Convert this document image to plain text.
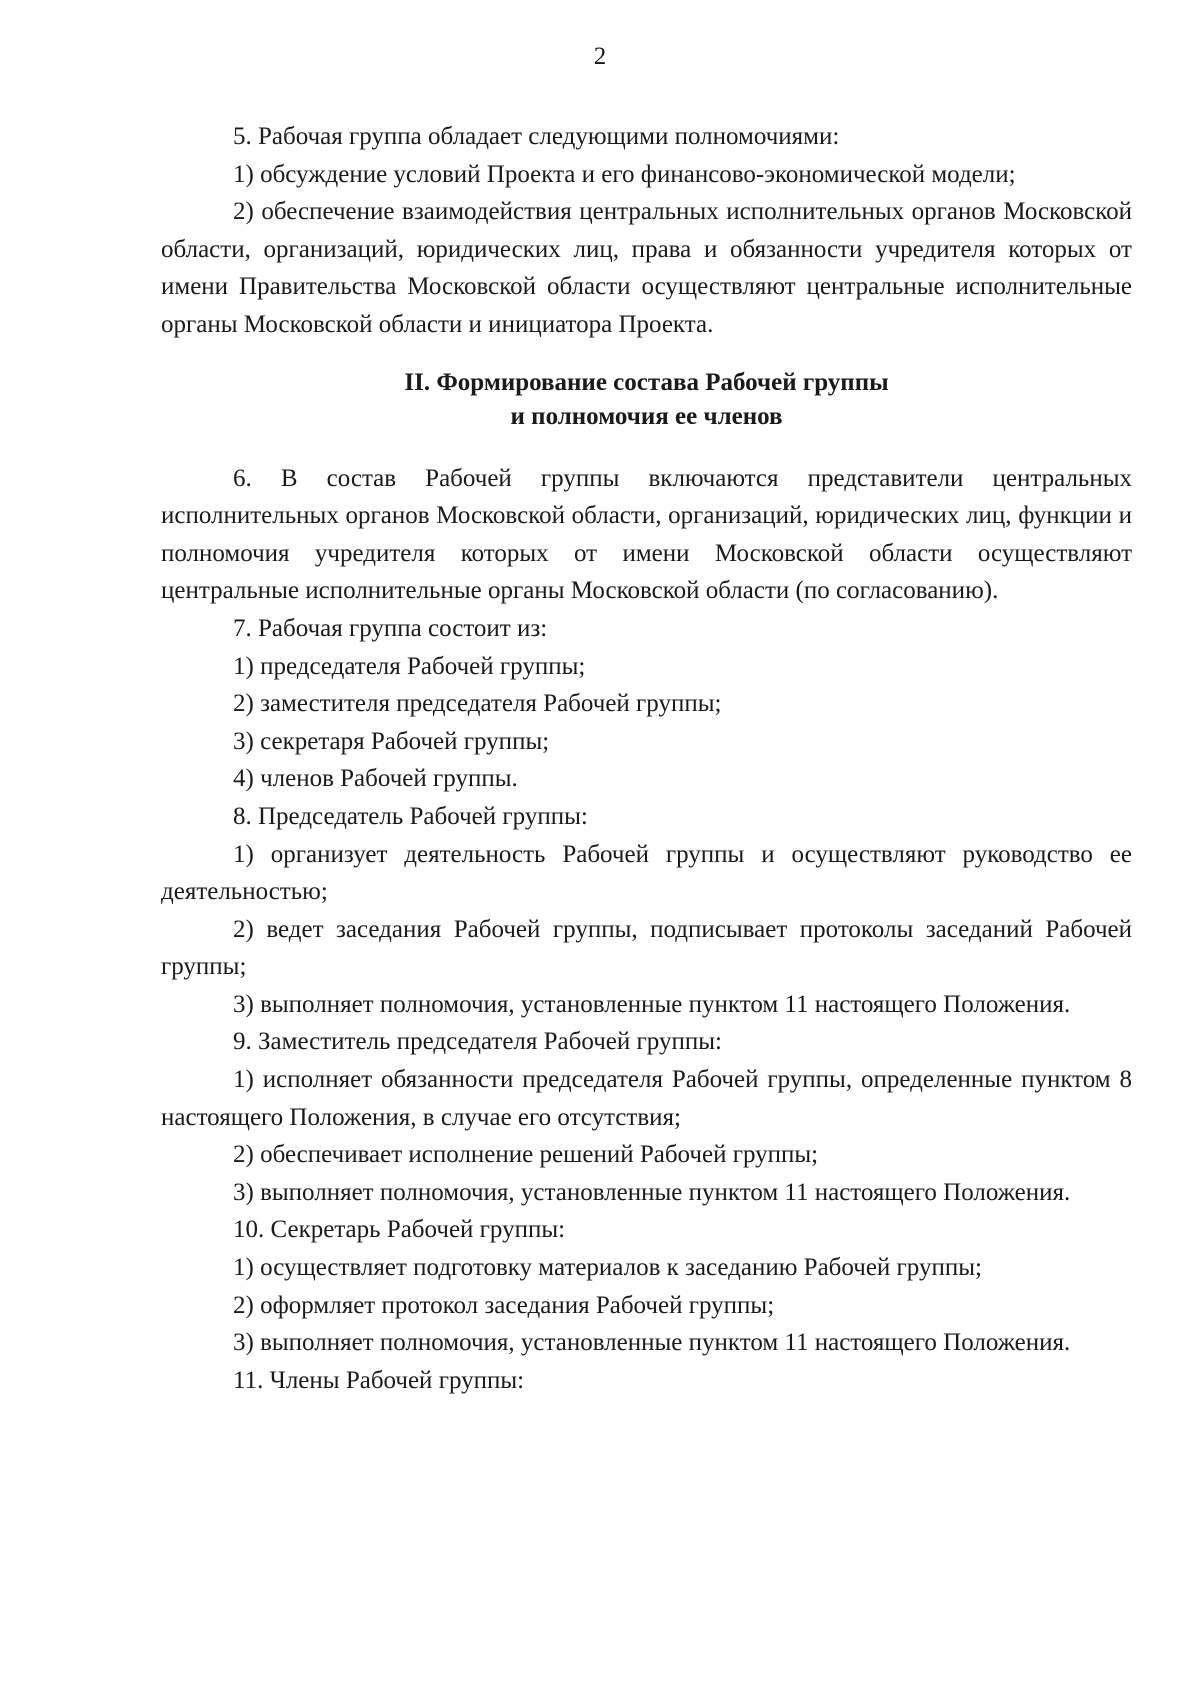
2

5. Рабочая группа обладает следующими полномочиями:

1) обсуждение условий Проекта и его финансово-экономической модели;

2) обеспечение взаимодействия центральных исполнительных органов Московской области, организаций, юридических лиц, права и обязанности учредителя которых от имени Правительства Московской области осуществляют центральные исполнительные органы Московской области и инициатора Проекта.

II. Формирование состава Рабочей группы

и полномочия ее членов

6. В состав Рабочей группы включаются представители центральных исполнительных органов Московской области, организаций, юридических лиц, функции и полномочия учредителя которых от имени Московской области осуществляют центральные исполнительные органы Московской области (по согласованию).

7. Рабочая группа состоит из:

1) председателя Рабочей группы;

2) заместителя председателя Рабочей группы;

3) секретаря Рабочей группы;

4) членов Рабочей группы.

8. Председатель Рабочей группы:

1) организует деятельность Рабочей группы и осуществляют руководство ее деятельностью;

2) ведет заседания Рабочей группы, подписывает протоколы заседаний Рабочей группы;

3) выполняет полномочия, установленные пунктом 11 настоящего Положения.

9. Заместитель председателя Рабочей группы:

1) исполняет обязанности председателя Рабочей группы, определенные пунктом 8 настоящего Положения, в случае его отсутствия;

2) обеспечивает исполнение решений Рабочей группы;

3) выполняет полномочия, установленные пунктом 11 настоящего Положения.

10. Секретарь Рабочей группы:

1) осуществляет подготовку материалов к заседанию Рабочей группы;

2) оформляет протокол заседания Рабочей группы;

3) выполняет полномочия, установленные пунктом 11 настоящего Положения.

11. Члены Рабочей группы:
